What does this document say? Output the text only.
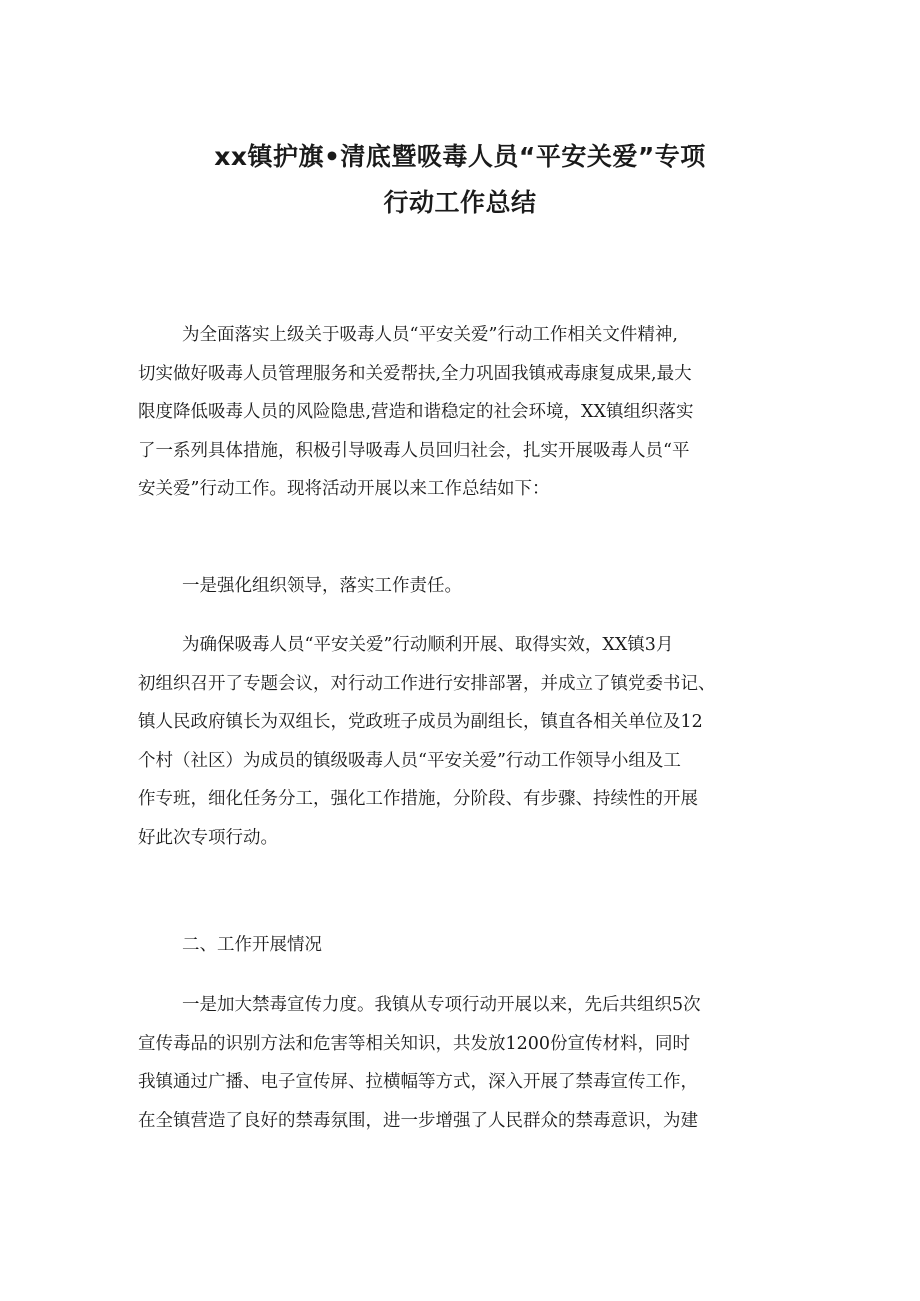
xx镇护旗•清底暨吸毒人员“平安关爱”专项
行动工作总结
为全面落实上级关于吸毒人员“平安关爱”行动工作相关文件精神,
切实做好吸毒人员管理服务和关爱帮扶,全力巩固我镇戒毒康复成果,最大
限度降低吸毒人员的风险隐患,营造和谐稳定的社会环境，XX镇组织落实
了一系列具体措施，积极引导吸毒人员回归社会，扎实开展吸毒人员“平
安关爱”行动工作。现将活动开展以来工作总结如下：
一是强化组织领导，落实工作责任。
为确保吸毒人员“平安关爱”行动顺利开展、取得实效，XX镇3月
初组织召开了专题会议，对行动工作进行安排部署，并成立了镇党委书记、
镇人民政府镇长为双组长，党政班子成员为副组长，镇直各相关单位及12
个村（社区）为成员的镇级吸毒人员“平安关爱”行动工作领导小组及工
作专班，细化任务分工，强化工作措施，分阶段、有步骤、持续性的开展
好此次专项行动。
二、工作开展情况
一是加大禁毒宣传力度。我镇从专项行动开展以来，先后共组织5次
宣传毒品的识别方法和危害等相关知识，共发放1200份宣传材料，同时
我镇通过广播、电子宣传屏、拉横幅等方式，深入开展了禁毒宣传工作，
在全镇营造了良好的禁毒氛围，进一步增强了人民群众的禁毒意识，为建
